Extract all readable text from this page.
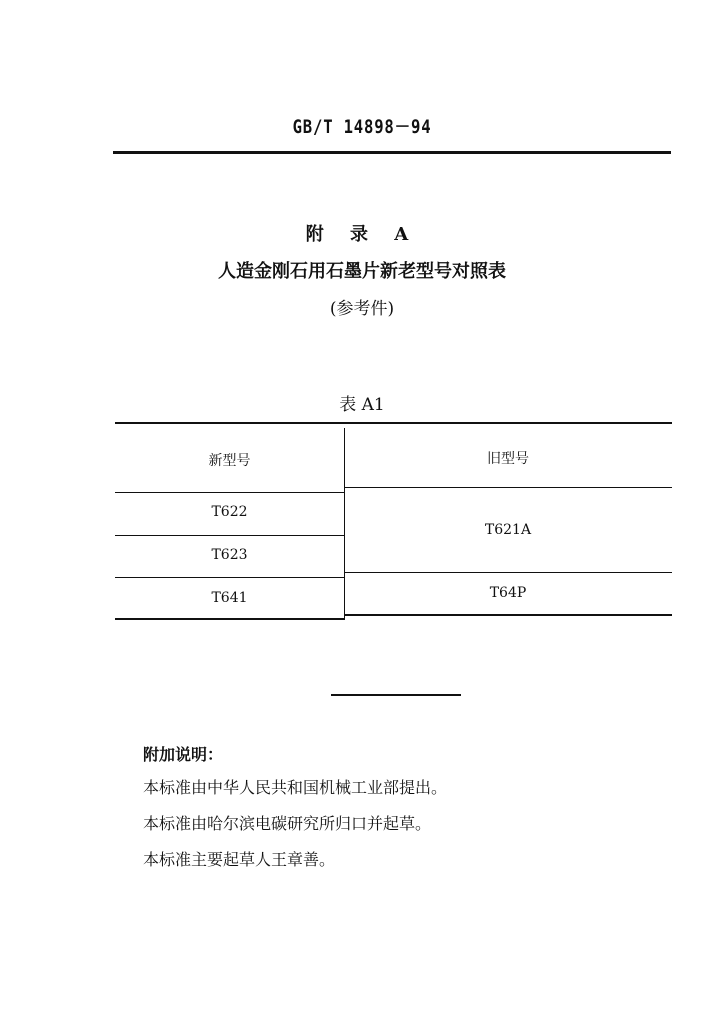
GB/T 14898－94
附 录 A
人造金刚石用石墨片新老型号对照表
(参考件)
表 A1
新型号	旧型号
T622
T623
T641
T621A
T64P
附加说明：
本标准由中华人民共和国机械工业部提出。
本标准由哈尔滨电碳研究所归口并起草。
本标准主要起草人王章善。
